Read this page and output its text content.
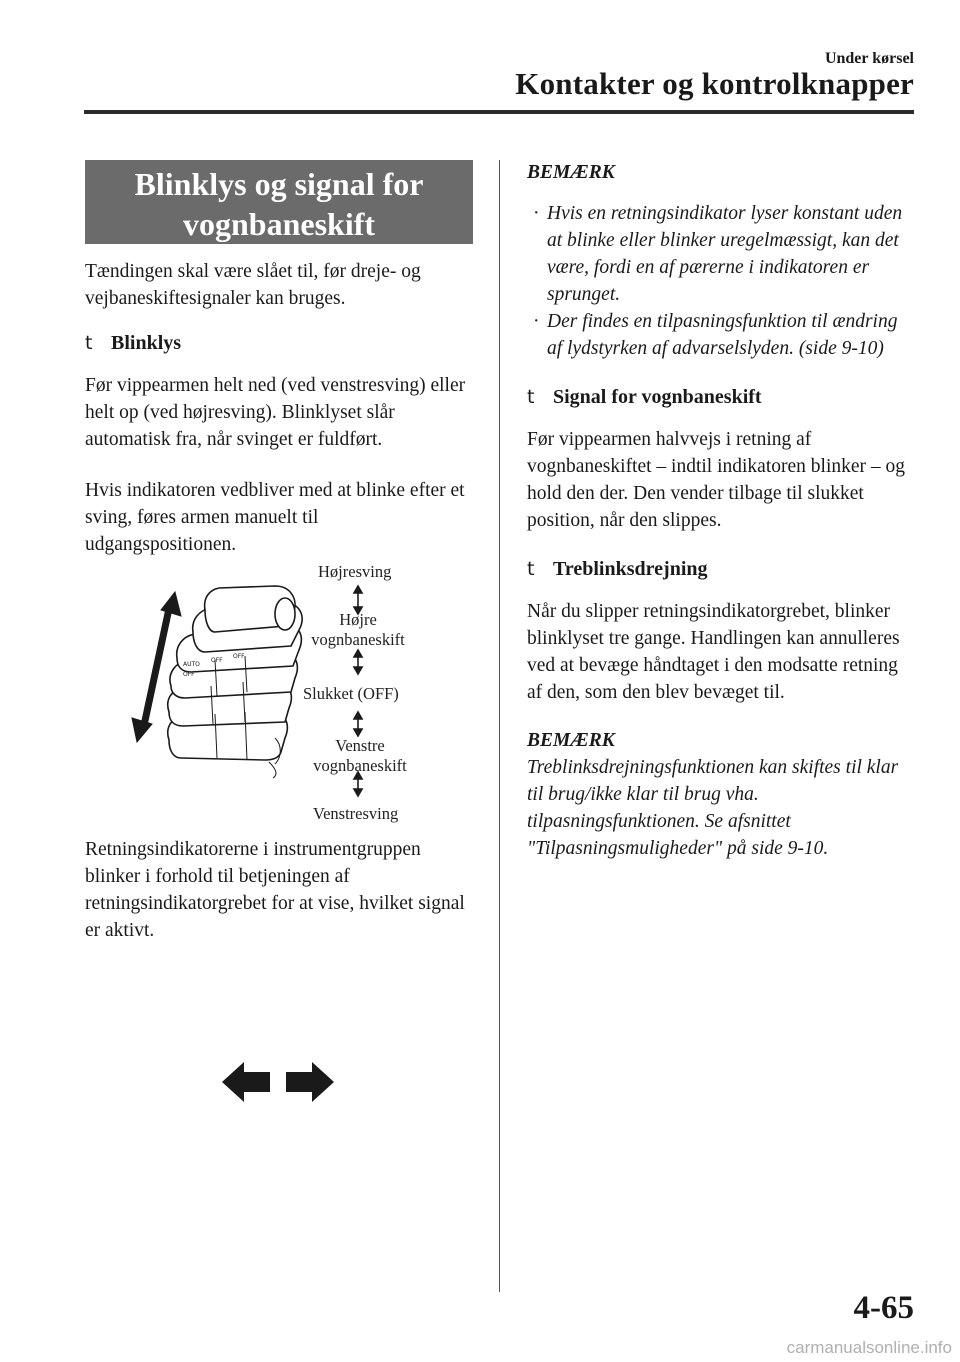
Under kørsel
Kontakter og kontrolknapper
Blinklys og signal for
vognbaneskift

Tændingen skal være slået til, før dreje- og vejbaneskiftesignaler kan bruges.

t Blinklys

Før vippearmen helt ned (ved venstresving) eller helt op (ved højresving). Blinklyset slår automatisk fra, når svinget er fuldført.

Hvis indikatoren vedbliver med at blinke efter et sving, føres armen manuelt til udgangspositionen.

AUTO
OFF
OFF
OFF
Højresving
Højre
vognbaneskift
Slukket (OFF)
Venstre
vognbaneskift
Venstresving

Retningsindikatorerne i instrumentgruppen blinker i forhold til betjeningen af retningsindikatorgrebet for at vise, hvilket signal er aktivt.

BEMÆRK
· Hvis en retningsindikator lyser konstant uden at blinke eller blinker uregelmæssigt, kan det være, fordi en af pærerne i indikatoren er sprunget.
· Der findes en tilpasningsfunktion til ændring af lydstyrken af advarselslyden. (side 9-10)
t Signal for vognbaneskift

Før vippearmen halvvejs i retning af vognbaneskiftet – indtil indikatoren blinker – og hold den der. Den vender tilbage til slukket position, når den slippes.

t Treblinksdrejning

Når du slipper retningsindikatorgrebet, blinker blinklyset tre gange. Handlingen kan annulleres ved at bevæge håndtaget i den modsatte retning af den, som den blev bevæget til.

BEMÆRK

Treblinksdrejningsfunktionen kan skiftes til klar til brug/ikke klar til brug vha. tilpasningsfunktionen. Se afsnittet "Tilpasningsmuligheder" på side 9-10.

4-65
carmanualsonline.info
